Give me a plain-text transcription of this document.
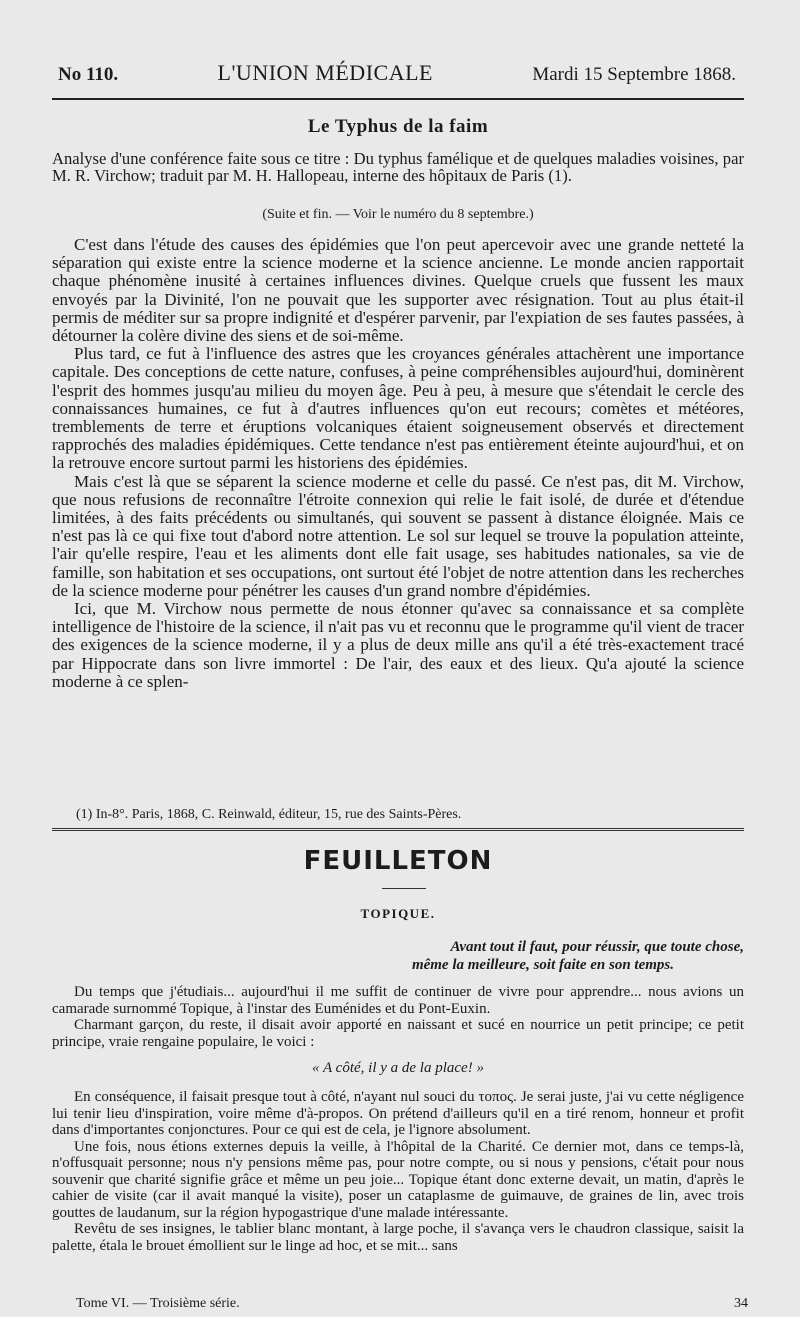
No 110.	L'UNION MÉDICALE	Mardi 15 Septembre 1868.
Le Typhus de la faim

Analyse d'une conférence faite sous ce titre : Du typhus famélique et de quelques maladies voisines, par M. R. Virchow; traduit par M. H. Hallopeau, interne des hôpitaux de Paris (1).

(Suite et fin. — Voir le numéro du 8 septembre.)

C'est dans l'étude des causes des épidémies que l'on peut apercevoir avec une grande netteté la séparation qui existe entre la science moderne et la science ancienne. Le monde ancien rapportait chaque phénomène inusité à certaines influences divines. Quelque cruels que fussent les maux envoyés par la Divinité, l'on ne pouvait que les supporter avec résignation. Tout au plus était-il permis de méditer sur sa propre indignité et d'espérer parvenir, par l'expiation de ses fautes passées, à détourner la colère divine des siens et de soi-même.

Plus tard, ce fut à l'influence des astres que les croyances générales attachèrent une importance capitale. Des conceptions de cette nature, confuses, à peine compréhensibles aujourd'hui, dominèrent l'esprit des hommes jusqu'au milieu du moyen âge. Peu à peu, à mesure que s'étendait le cercle des connaissances humaines, ce fut à d'autres influences qu'on eut recours; comètes et météores, tremblements de terre et éruptions volcaniques étaient soigneusement observés et directement rapprochés des maladies épidémiques. Cette tendance n'est pas entièrement éteinte aujourd'hui, et on la retrouve encore surtout parmi les historiens des épidémies.

Mais c'est là que se séparent la science moderne et celle du passé. Ce n'est pas, dit M. Virchow, que nous refusions de reconnaître l'étroite connexion qui relie le fait isolé, de durée et d'étendue limitées, à des faits précédents ou simultanés, qui souvent se passent à distance éloignée. Mais ce n'est pas là ce qui fixe tout d'abord notre attention. Le sol sur lequel se trouve la population atteinte, l'air qu'elle respire, l'eau et les aliments dont elle fait usage, ses habitudes nationales, sa vie de famille, son habitation et ses occupations, ont surtout été l'objet de notre attention dans les recherches de la science moderne pour pénétrer les causes d'un grand nombre d'épidémies.

Ici, que M. Virchow nous permette de nous étonner qu'avec sa connaissance et sa complète intelligence de l'histoire de la science, il n'ait pas vu et reconnu que le programme qu'il vient de tracer des exigences de la science moderne, il y a plus de deux mille ans qu'il a été très-exactement tracé par Hippocrate dans son livre immortel : De l'air, des eaux et des lieux. Qu'a ajouté la science moderne à ce splen-

(1) In-8°. Paris, 1868, C. Reinwald, éditeur, 15, rue des Saints-Pères.
FEUILLETON
TOPIQUE.
Avant tout il faut, pour réussir, que toute chose,
même la meilleure, soit faite en son temps.

Du temps que j'étudiais... aujourd'hui il me suffit de continuer de vivre pour apprendre... nous avions un camarade surnommé Topique, à l'instar des Euménides et du Pont-Euxin.

Charmant garçon, du reste, il disait avoir apporté en naissant et sucé en nourrice un petit principe; ce petit principe, vraie rengaine populaire, le voici :

« A côté, il y a de la place! »

En conséquence, il faisait presque tout à côté, n'ayant nul souci du τοπος. Je serai juste, j'ai vu cette négligence lui tenir lieu d'inspiration, voire même d'à-propos. On prétend d'ailleurs qu'il en a tiré renom, honneur et profit dans d'importantes conjonctures. Pour ce qui est de cela, je l'ignore absolument.

Une fois, nous étions externes depuis la veille, à l'hôpital de la Charité. Ce dernier mot, dans ce temps-là, n'offusquait personne; nous n'y pensions même pas, pour notre compte, ou si nous y pensions, c'était pour nous souvenir que charité signifie grâce et même un peu joie... Topique étant donc externe devait, un matin, d'après le cahier de visite (car il avait manqué la visite), poser un cataplasme de guimauve, de graines de lin, avec trois gouttes de laudanum, sur la région hypogastrique d'une malade intéressante.

Revêtu de ses insignes, le tablier blanc montant, à large poche, il s'avança vers le chaudron classique, saisit la palette, étala le brouet émollient sur le linge ad hoc, et se mit... sans

Tome VI. — Troisième série.	34
